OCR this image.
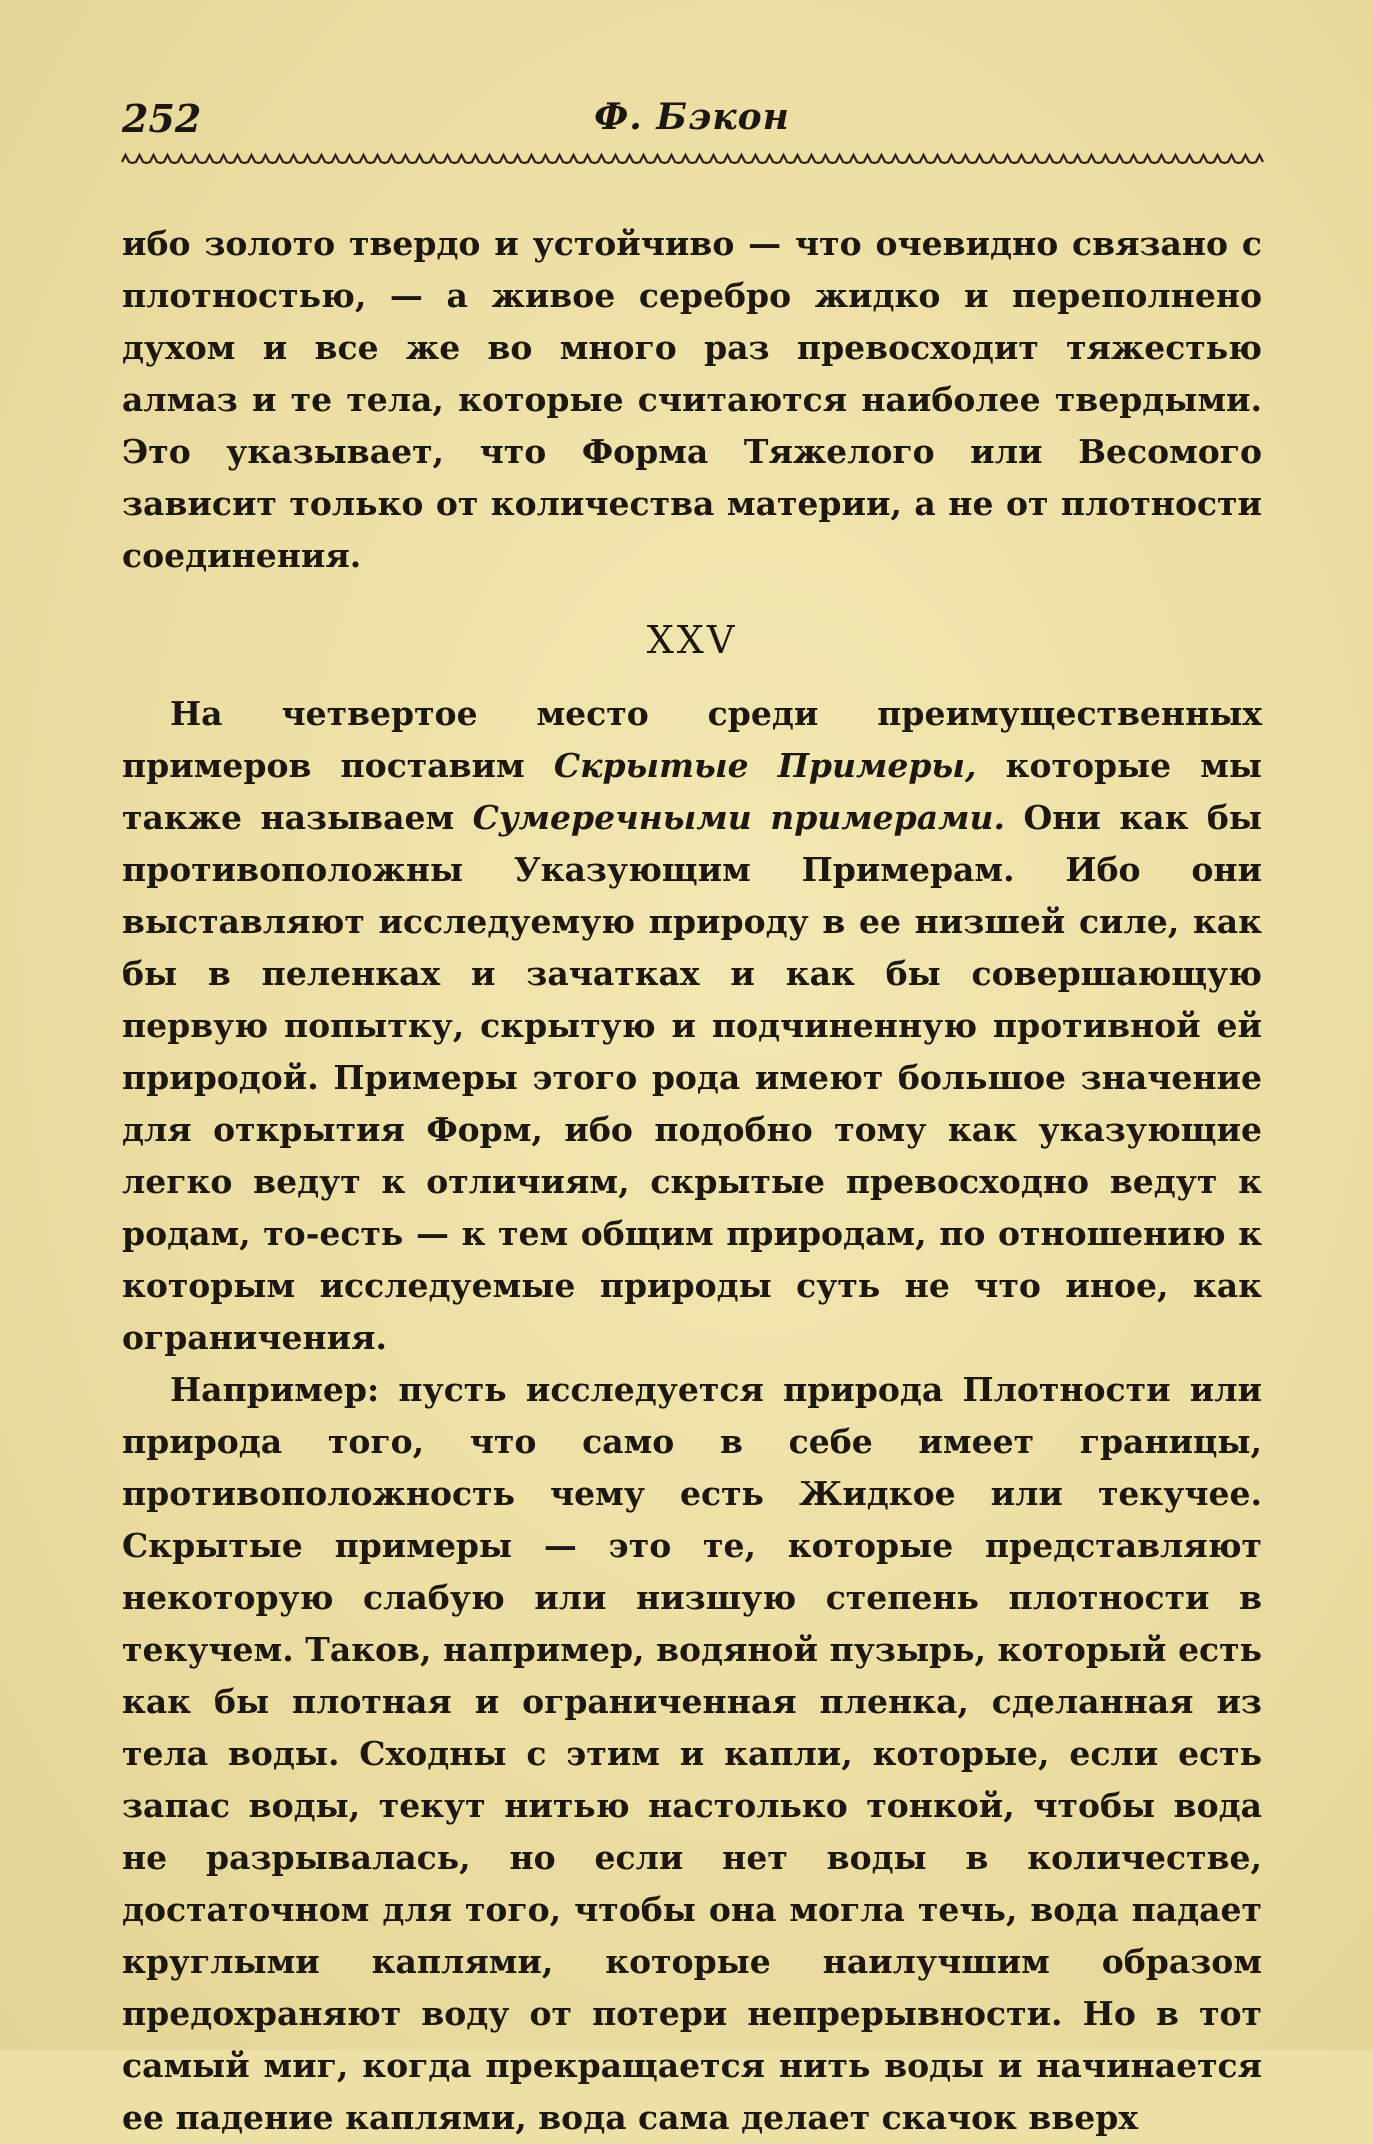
252	Ф. Бэкон

ибо золото твердо и устойчиво — что очевидно связано с плотностью, — а живое серебро жидко и переполнено духом и все же во много раз превосходит тяжестью алмаз и те тела, которые считаются наиболее твердыми. Это указывает, что Форма Тяжелого или Весомого зависит только от количества материи, а не от плотности соединения.

XXV

На четвертое место среди преимущественных примеров поставим Скрытые Примеры, которые мы также называем Сумеречными примерами. Они как бы противоположны Указующим Примерам. Ибо они выставляют исследуемую природу в ее низшей силе, как бы в пеленках и зачатках и как бы совершающую первую попытку, скрытую и подчиненную противной ей природой. Примеры этого рода имеют большое значение для открытия Форм, ибо подобно тому как указующие легко ведут к отличиям, скрытые превосходно ведут к родам, то-есть — к тем общим природам, по отношению к которым исследуемые природы суть не что иное, как ограничения.

Например: пусть исследуется природа Плотности или природа того, что само в себе имеет границы, противоположность чему есть Жидкое или текучее. Скрытые примеры — это те, которые представляют некоторую слабую или низшую степень плотности в текучем. Таков, например, водяной пузырь, который есть как бы плотная и ограниченная пленка, сделанная из тела воды. Сходны с этим и капли, которые, если есть запас воды, текут нитью настолько тонкой, чтобы вода не разрывалась, но если нет воды в количестве, достаточном для того, чтобы она могла течь, вода падает круглыми каплями, которые наилучшим образом предохраняют воду от потери непрерывности. Но в тот самый миг, когда прекращается нить воды и начинается ее падение каплями, вода сама делает скачок вверх
